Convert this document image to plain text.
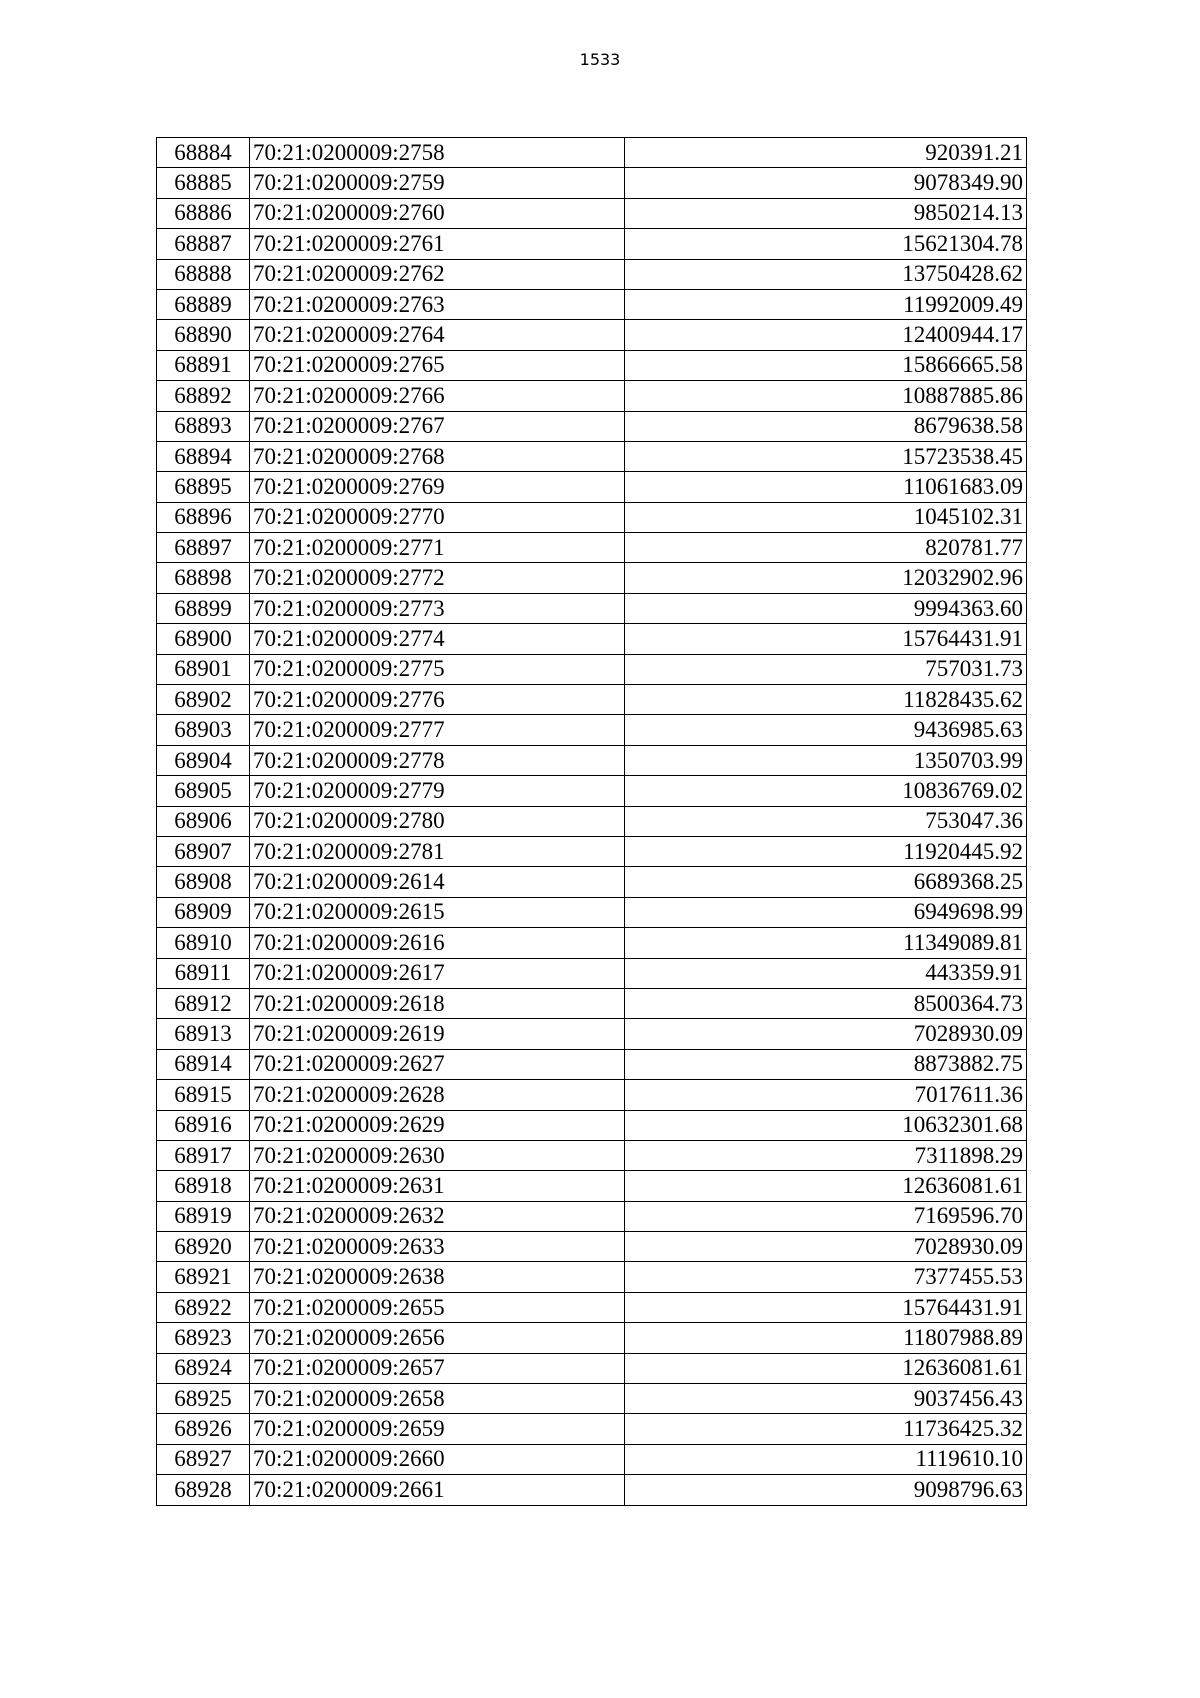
1533
68884	70:21:0200009:2758	920391.21
68885	70:21:0200009:2759	9078349.90
68886	70:21:0200009:2760	9850214.13
68887	70:21:0200009:2761	15621304.78
68888	70:21:0200009:2762	13750428.62
68889	70:21:0200009:2763	11992009.49
68890	70:21:0200009:2764	12400944.17
68891	70:21:0200009:2765	15866665.58
68892	70:21:0200009:2766	10887885.86
68893	70:21:0200009:2767	8679638.58
68894	70:21:0200009:2768	15723538.45
68895	70:21:0200009:2769	11061683.09
68896	70:21:0200009:2770	1045102.31
68897	70:21:0200009:2771	820781.77
68898	70:21:0200009:2772	12032902.96
68899	70:21:0200009:2773	9994363.60
68900	70:21:0200009:2774	15764431.91
68901	70:21:0200009:2775	757031.73
68902	70:21:0200009:2776	11828435.62
68903	70:21:0200009:2777	9436985.63
68904	70:21:0200009:2778	1350703.99
68905	70:21:0200009:2779	10836769.02
68906	70:21:0200009:2780	753047.36
68907	70:21:0200009:2781	11920445.92
68908	70:21:0200009:2614	6689368.25
68909	70:21:0200009:2615	6949698.99
68910	70:21:0200009:2616	11349089.81
68911	70:21:0200009:2617	443359.91
68912	70:21:0200009:2618	8500364.73
68913	70:21:0200009:2619	7028930.09
68914	70:21:0200009:2627	8873882.75
68915	70:21:0200009:2628	7017611.36
68916	70:21:0200009:2629	10632301.68
68917	70:21:0200009:2630	7311898.29
68918	70:21:0200009:2631	12636081.61
68919	70:21:0200009:2632	7169596.70
68920	70:21:0200009:2633	7028930.09
68921	70:21:0200009:2638	7377455.53
68922	70:21:0200009:2655	15764431.91
68923	70:21:0200009:2656	11807988.89
68924	70:21:0200009:2657	12636081.61
68925	70:21:0200009:2658	9037456.43
68926	70:21:0200009:2659	11736425.32
68927	70:21:0200009:2660	1119610.10
68928	70:21:0200009:2661	9098796.63
